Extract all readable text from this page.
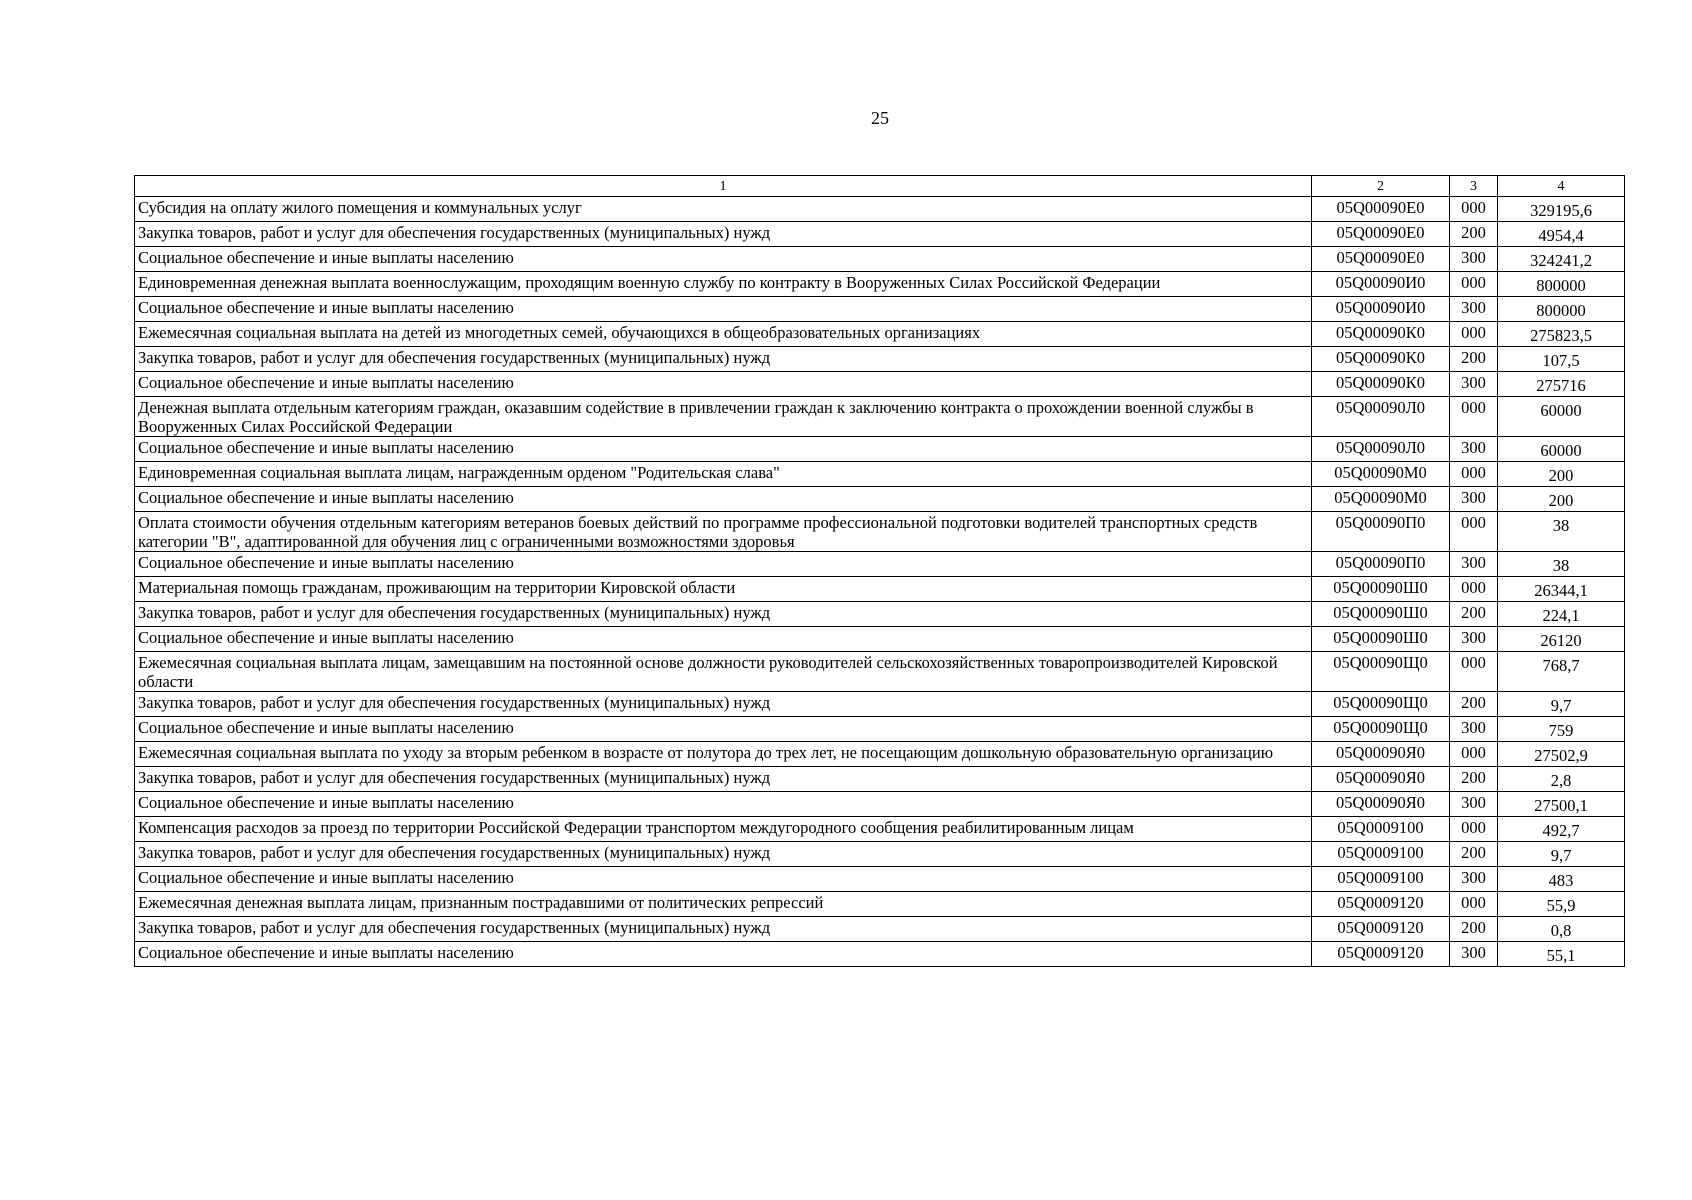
25
1	2	3	4
Субсидия на оплату жилого помещения и коммунальных услуг	05Q00090Е0	000	329195,6
Закупка товаров, работ и услуг для обеспечения государственных (муниципальных) нужд	05Q00090Е0	200	4954,4
Социальное обеспечение и иные выплаты населению	05Q00090Е0	300	324241,2
Единовременная денежная выплата военнослужащим, проходящим военную службу по контракту в Вооруженных Силах Российской Федерации	05Q00090И0	000	800000
Социальное обеспечение и иные выплаты населению	05Q00090И0	300	800000
Ежемесячная социальная выплата на детей из многодетных семей, обучающихся в общеобразовательных организациях	05Q00090К0	000	275823,5
Закупка товаров, работ и услуг для обеспечения государственных (муниципальных) нужд	05Q00090К0	200	107,5
Социальное обеспечение и иные выплаты населению	05Q00090К0	300	275716
Денежная выплата отдельным категориям граждан, оказавшим содействие в привлечении граждан к заключению контракта о прохождении военной службы в Вооруженных Силах Российской Федерации	05Q00090Л0	000	60000
Социальное обеспечение и иные выплаты населению	05Q00090Л0	300	60000
Единовременная социальная выплата лицам, награжденным орденом "Родительская слава"	05Q00090М0	000	200
Социальное обеспечение и иные выплаты населению	05Q00090М0	300	200
Оплата стоимости обучения отдельным категориям ветеранов боевых действий по программе профессиональной подготовки водителей транспортных средств категории "В", адаптированной для обучения лиц с ограниченными возможностями здоровья	05Q00090П0	000	38
Социальное обеспечение и иные выплаты населению	05Q00090П0	300	38
Материальная помощь гражданам, проживающим на территории Кировской области	05Q00090Ш0	000	26344,1
Закупка товаров, работ и услуг для обеспечения государственных (муниципальных) нужд	05Q00090Ш0	200	224,1
Социальное обеспечение и иные выплаты населению	05Q00090Ш0	300	26120
Ежемесячная социальная выплата лицам, замещавшим на постоянной основе должности руководителей сельскохозяйственных товаропроизводителей Кировской области	05Q00090Щ0	000	768,7
Закупка товаров, работ и услуг для обеспечения государственных (муниципальных) нужд	05Q00090Щ0	200	9,7
Социальное обеспечение и иные выплаты населению	05Q00090Щ0	300	759
Ежемесячная социальная выплата по уходу за вторым ребенком в возрасте от полутора до трех лет, не посещающим дошкольную образовательную организацию	05Q00090Я0	000	27502,9
Закупка товаров, работ и услуг для обеспечения государственных (муниципальных) нужд	05Q00090Я0	200	2,8
Социальное обеспечение и иные выплаты населению	05Q00090Я0	300	27500,1
Компенсация расходов за проезд по территории Российской Федерации транспортом междугородного сообщения реабилитированным лицам	05Q0009100	000	492,7
Закупка товаров, работ и услуг для обеспечения государственных (муниципальных) нужд	05Q0009100	200	9,7
Социальное обеспечение и иные выплаты населению	05Q0009100	300	483
Ежемесячная денежная выплата лицам, признанным пострадавшими от политических репрессий	05Q0009120	000	55,9
Закупка товаров, работ и услуг для обеспечения государственных (муниципальных) нужд	05Q0009120	200	0,8
Социальное обеспечение и иные выплаты населению	05Q0009120	300	55,1
